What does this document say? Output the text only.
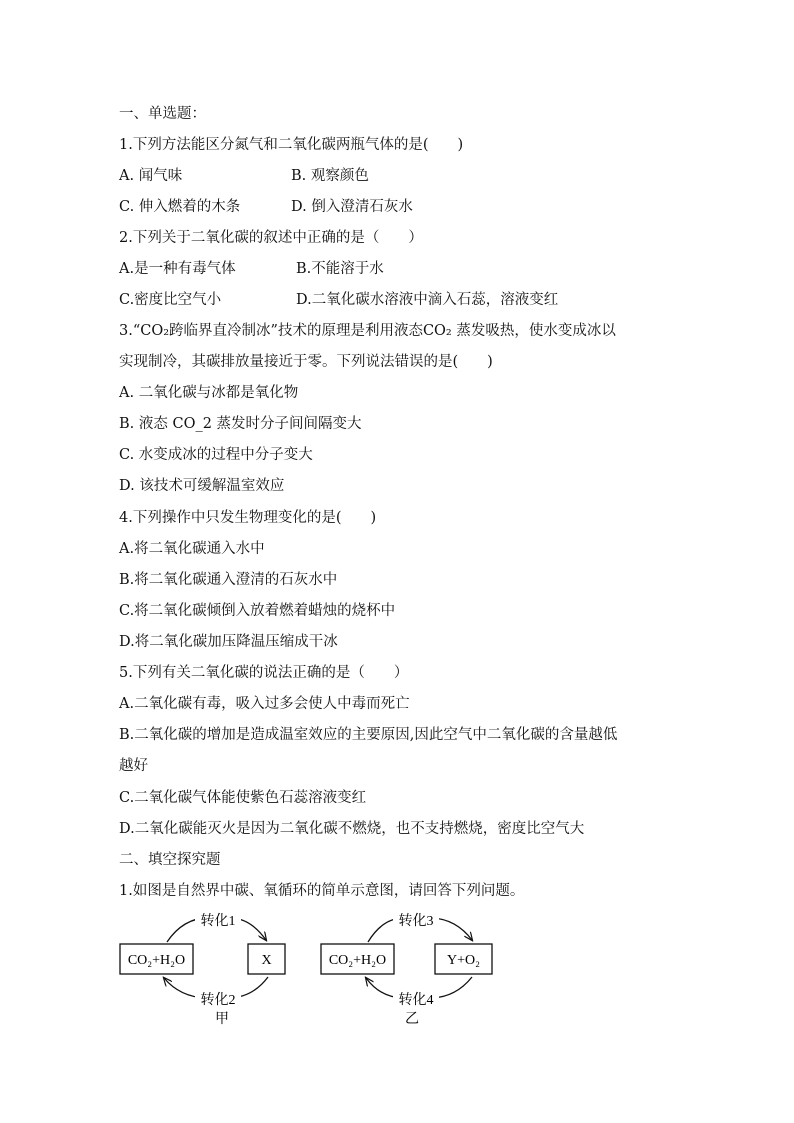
一、单选题：
1.下列方法能区分氮气和二氧化碳两瓶气体的是(　　)
A. 闻气味	B. 观察颜色
C. 伸入燃着的木条	D. 倒入澄清石灰水
2.下列关于二氧化碳的叙述中正确的是（　　）
A.是一种有毒气体	B.不能溶于水
C.密度比空气小	D.二氧化碳水溶液中滴入石蕊，溶液变红
3.“CO₂跨临界直冷制冰”技术的原理是利用液态CO₂ 蒸发吸热，使水变成冰以
实现制冷，其碳排放量接近于零。下列说法错误的是(　　)
A. 二氧化碳与冰都是氧化物
B. 液态 CO_2 蒸发时分子间间隔变大
C. 水变成冰的过程中分子变大
D. 该技术可缓解温室效应
4.下列操作中只发生物理变化的是(　　)
A.将二氧化碳通入水中
B.将二氧化碳通入澄清的石灰水中
C.将二氧化碳倾倒入放着燃着蜡烛的烧杯中
D.将二氧化碳加压降温压缩成干冰
5.下列有关二氧化碳的说法正确的是（　　）
A.二氧化碳有毒，吸入过多会使人中毒而死亡
B.二氧化碳的增加是造成温室效应的主要原因,因此空气中二氧化碳的含量越低
越好
C.二氧化碳气体能使紫色石蕊溶液变红
D.二氧化碳能灭火是因为二氧化碳不燃烧，也不支持燃烧，密度比空气大
二、填空探究题
1.如图是自然界中碳、氧循环的简单示意图，请回答下列问题。
CO₂+H₂O	X
转化1
转化2
甲
CO₂+H₂O	Y+O₂
转化3
转化4
乙
